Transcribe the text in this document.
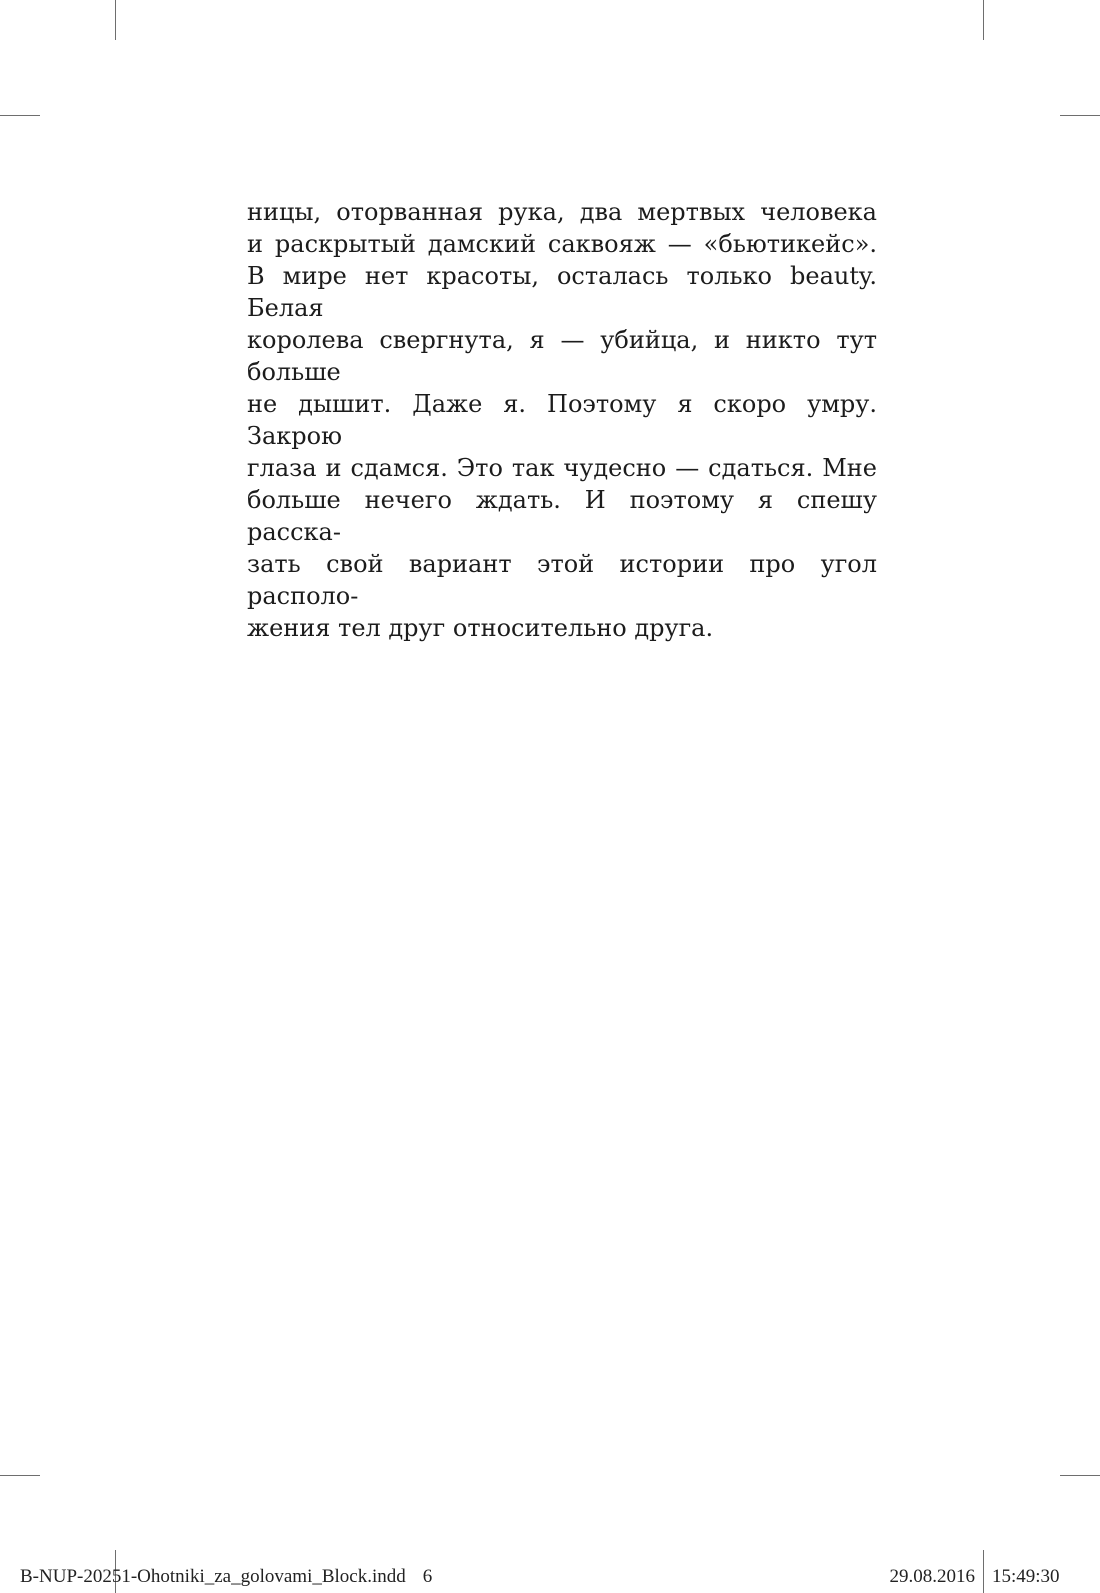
ницы, оторванная рука, два мертвых человека
и раскрытый дамский саквояж — «бьютикейс».
В мире нет красоты, осталась только beauty. Белая
королева свергнута, я — убийца, и никто тут больше
не дышит. Даже я. Поэтому я скоро умру. Закрою
глаза и сдамся. Это так чудесно — сдаться. Мне
больше нечего ждать. И поэтому я спешу расска-
зать свой вариант этой истории про угол располо-
жения тел друг относительно друга.
B-NUP-20251-Ohotniki_za_golovami_Block.indd 6	29.08.2016 15:49:30
